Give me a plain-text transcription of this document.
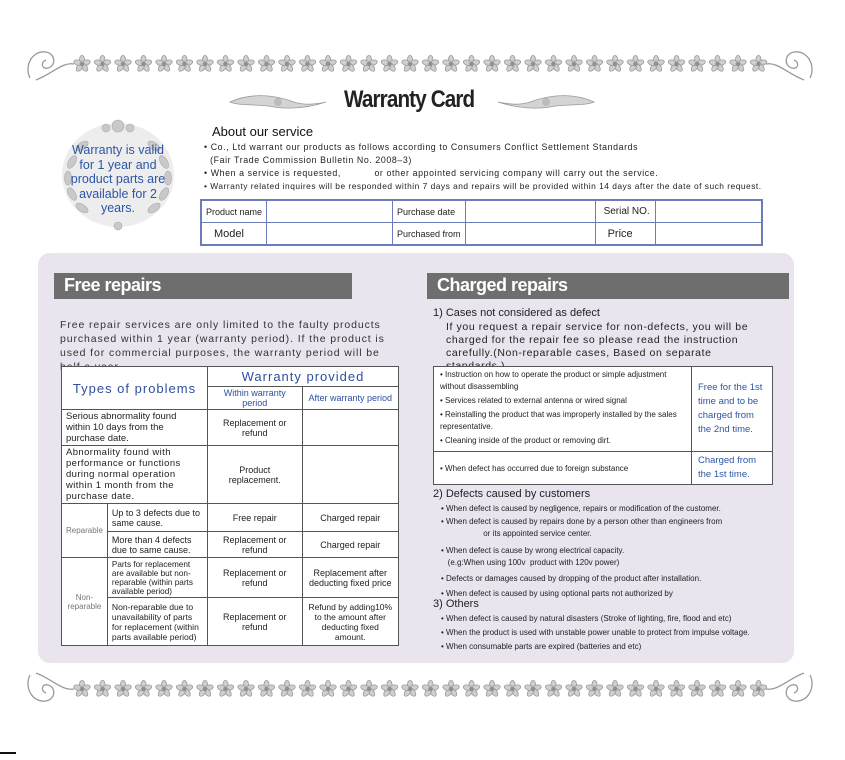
Warranty Card
Warranty is valid for 1 year and product parts are available for 2 years.
About our service

• Co., Ltd warrant our products as follows according to Consumers Conflict Settlement Standards

(Fair Trade Commission Bulletin No. 2008–3)

• When a service is requested,           or other appointed servicing company will carry out the service.

• Warranty related inquires will be responded within 7 days and repairs will be provided within 14 days after the date of such request.

Product name		Purchase date		Serial NO.	
Model		Purchased from		Price	
Free repairs	Charged repairs
Free repair services are only limited to the faulty products purchased within 1 year (warranty period). If the product is used for commercial purposes, the warranty period will be
Types of problems		Warranty provided	
		Within warranty period	After warranty period
Serious abnormality found within 10 days from the purchase date.		Replacement or refund	
Abnormality found with performance or functions during normal operation within 1 month from the purchase date.		Product replacement.	
Reparable	Up to 3 defects due to same cause.	Free repair	Charged repair
	More than 4 defects due to same cause.	Replacement or refund	Charged repair
Non-reparable	Parts for replacement are available but non-reparable (within parts available period)	Replacement or refund	Replacement after deducting fixed price
	Non-reparable due to unavailability of parts for replacement (within parts available period)	Replacement or refund	Refund by adding10% to the amount after deducting fixed amount.
1) Cases not considered as defect
If you request a repair service for non-defects, you will be charged for the repair fee so please read the instruction carefully.(Non-reparable cases, Based on separate
• Instruction on how to operate the product or simple adjustment without disassembling
• Services related to external antenna or wired signal
• Reinstalling the product that was improperly installed by the sales representative.
• Cleaning inside of the product or removing dirt.	Free for the 1st time and to be charged from the 2nd time.
• When defect has occurred due to foreign substance	Charged from the 1st time.
2) Defects caused by customers
• When defect is caused by negligence, repairs or modification of the customer.
• When defect is caused by repairs done by a person other than engineers from
or its appointed service center.
• When defect is cause by wrong electrical capacity.
(e.g:When using 100v  product with 120v power)
• Defects or damages caused by dropping of the product after installation.
• When defect is caused by using optional parts not authorized by
3) Others
• When defect is caused by natural disasters (Stroke of lighting, fire, flood and etc)
• When the product is used with unstable power unable to protect from impulse voltage.
• When consumable parts are expired (batteries and etc)
